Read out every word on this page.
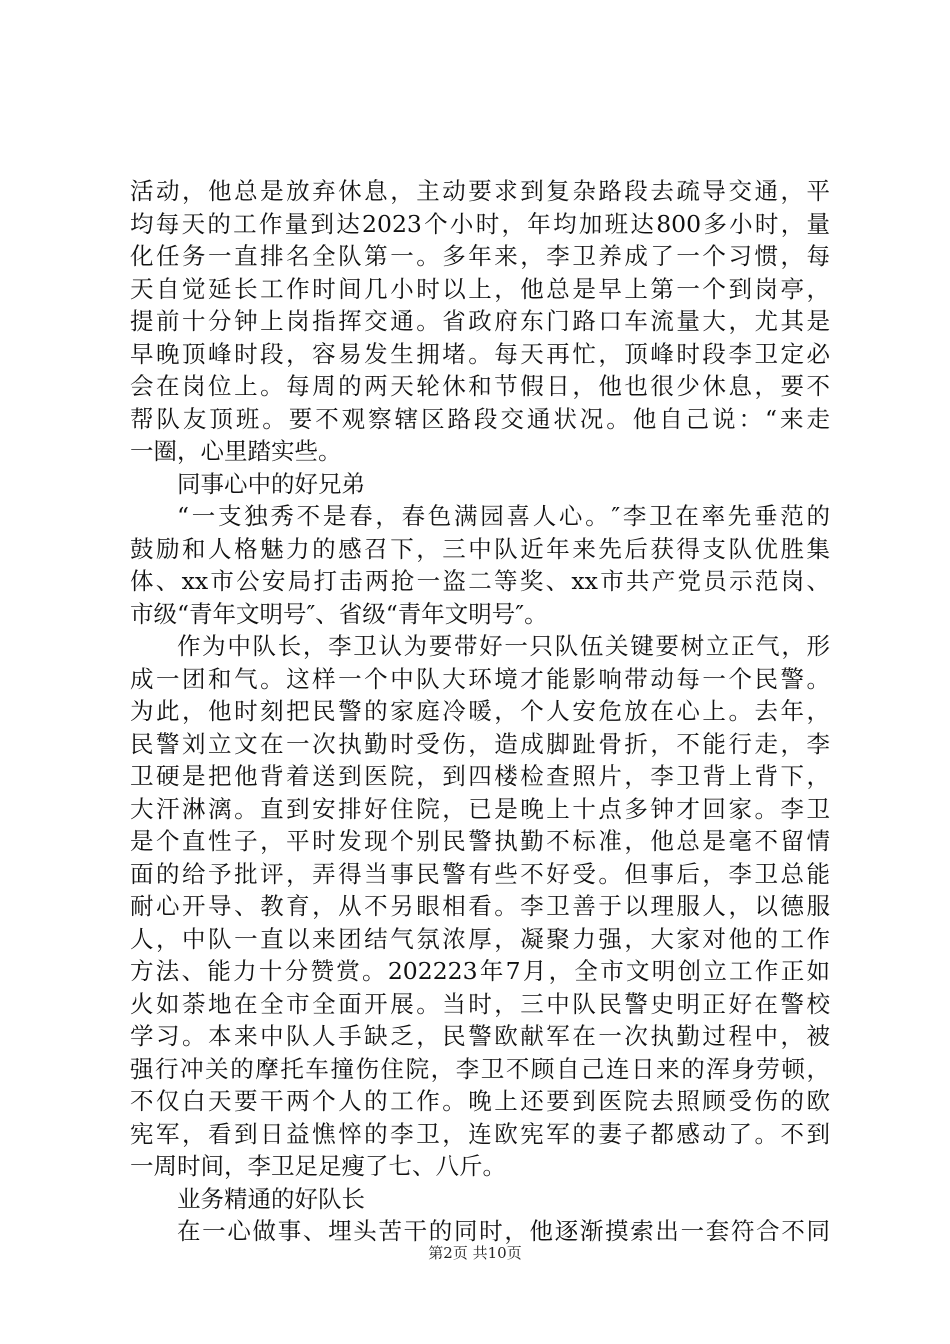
活动，他总是放弃休息，主动要求到复杂路段去疏导交通，平
均每天的工作量到达2023个小时，年均加班达800多小时，量
化任务一直排名全队第一。多年来，李卫养成了一个习惯，每
天自觉延长工作时间几小时以上，他总是早上第一个到岗亭，
提前十分钟上岗指挥交通。省政府东门路口车流量大，尤其是
早晚顶峰时段，容易发生拥堵。每天再忙，顶峰时段李卫定必
会在岗位上。每周的两天轮休和节假日，他也很少休息，要不
帮队友顶班。要不观察辖区路段交通状况。他自己说：“来走
一圈，心里踏实些。
同事心中的好兄弟
“一支独秀不是春，春色满园喜人心。″李卫在率先垂范的
鼓励和人格魅力的感召下，三中队近年来先后获得支队优胜集
体、xx市公安局打击两抢一盗二等奖、xx市共产党员示范岗、
市级“青年文明号″、省级“青年文明号″。
作为中队长，李卫认为要带好一只队伍关键要树立正气，形
成一团和气。这样一个中队大环境才能影响带动每一个民警。
为此，他时刻把民警的家庭冷暖，个人安危放在心上。去年，
民警刘立文在一次执勤时受伤，造成脚趾骨折，不能行走，李
卫硬是把他背着送到医院，到四楼检查照片，李卫背上背下，
大汗淋漓。直到安排好住院，已是晚上十点多钟才回家。李卫
是个直性子，平时发现个别民警执勤不标准，他总是毫不留情
面的给予批评，弄得当事民警有些不好受。但事后，李卫总能
耐心开导、教育，从不另眼相看。李卫善于以理服人，以德服
人，中队一直以来团结气氛浓厚，凝聚力强，大家对他的工作
方法、能力十分赞赏。202223年7月，全市文明创立工作正如
火如荼地在全市全面开展。当时，三中队民警史明正好在警校
学习。本来中队人手缺乏，民警欧献军在一次执勤过程中，被
强行冲关的摩托车撞伤住院，李卫不顾自己连日来的浑身劳顿，
不仅白天要干两个人的工作。晚上还要到医院去照顾受伤的欧
宪军，看到日益憔悴的李卫，连欧宪军的妻子都感动了。不到
一周时间，李卫足足瘦了七、八斤。
业务精通的好队长
在一心做事、埋头苦干的同时，他逐渐摸索出一套符合不同
第2页 共10页
